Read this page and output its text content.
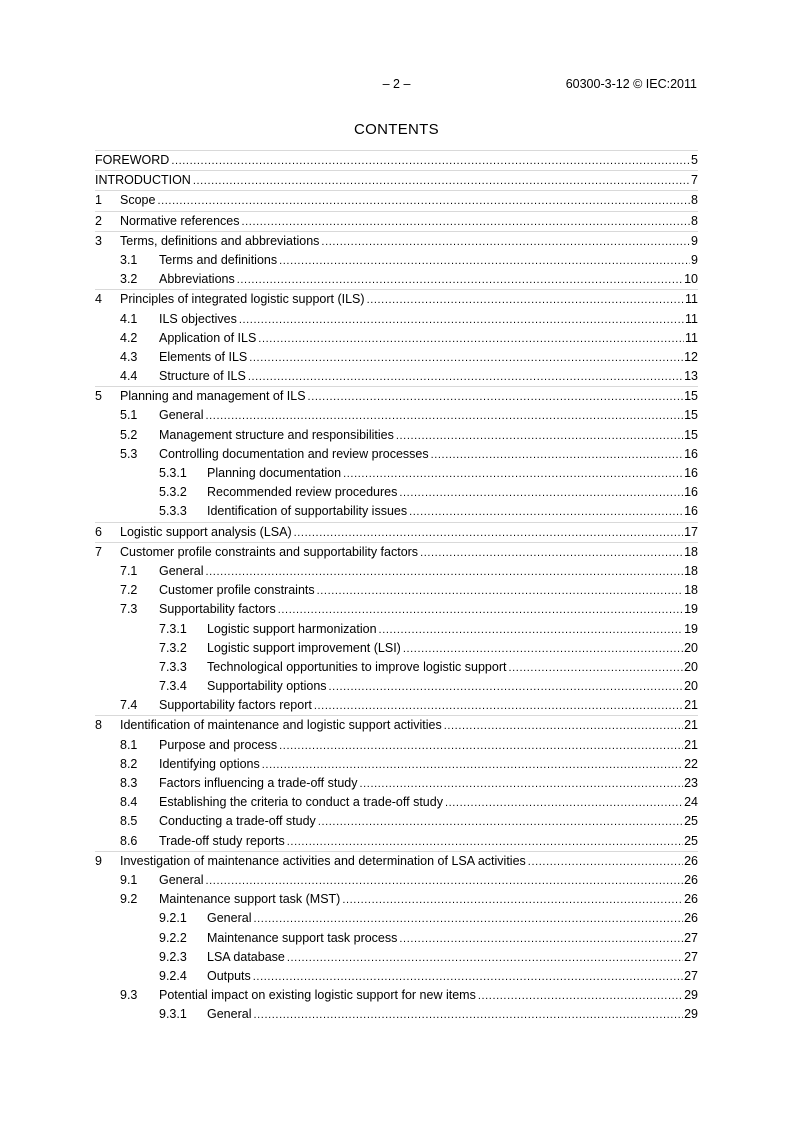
– 2 –	60300-3-12 © IEC:2011
CONTENTS
FOREWORD .....	5
INTRODUCTION .....	7
1	Scope .....	8
2	Normative references .....	8
3	Terms, definitions and abbreviations .....	9
3.1	Terms and definitions .....	9
3.2	Abbreviations .....	10
4	Principles of integrated logistic support (ILS) .....	11
4.1	ILS objectives .....	11
4.2	Application of ILS .....	11
4.3	Elements of ILS .....	12
4.4	Structure of ILS .....	13
5	Planning and management of ILS .....	15
5.1	General .....	15
5.2	Management structure and responsibilities .....	15
5.3	Controlling documentation and review processes .....	16
5.3.1	Planning documentation .....	16
5.3.2	Recommended review procedures .....	16
5.3.3	Identification of supportability issues .....	16
6	Logistic support analysis (LSA) .....	17
7	Customer profile constraints and supportability factors .....	18
7.1	General .....	18
7.2	Customer profile constraints .....	18
7.3	Supportability factors .....	19
7.3.1	Logistic support harmonization .....	19
7.3.2	Logistic support improvement (LSI) .....	20
7.3.3	Technological opportunities to improve logistic support .....	20
7.3.4	Supportability options .....	20
7.4	Supportability factors report .....	21
8	Identification of maintenance and logistic support activities .....	21
8.1	Purpose and process .....	21
8.2	Identifying options .....	22
8.3	Factors influencing a trade-off study .....	23
8.4	Establishing the criteria to conduct a trade-off study .....	24
8.5	Conducting a trade-off study .....	25
8.6	Trade-off study reports .....	25
9	Investigation of maintenance activities and determination of LSA activities .....	26
9.1	General .....	26
9.2	Maintenance support task (MST) .....	26
9.2.1	General .....	26
9.2.2	Maintenance support task process .....	27
9.2.3	LSA database .....	27
9.2.4	Outputs .....	27
9.3	Potential impact on existing logistic support for new items .....	29
9.3.1	General .....	29
